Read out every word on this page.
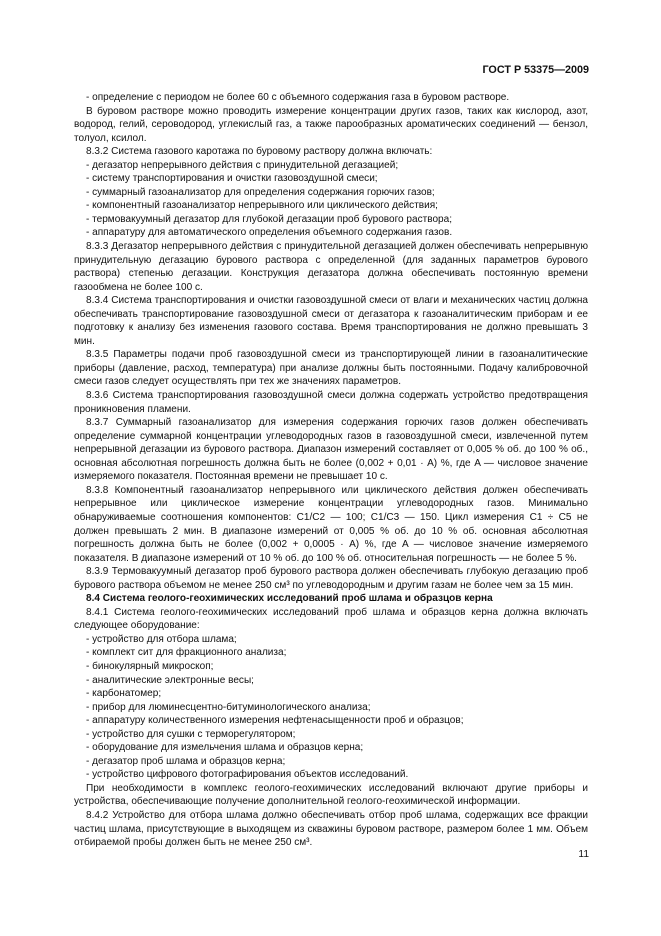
ГОСТ Р 53375—2009
- определение с периодом не более 60 с объемного содержания газа в буровом растворе.

В буровом растворе можно проводить измерение концентрации других газов, таких как кислород, азот, водород, гелий, сероводород, углекислый газ, а также парообразных ароматических соединений — бензол, толуол, ксилол.

8.3.2 Система газового каротажа по буровому раствору должна включать:

- дегазатор непрерывного действия с принудительной дегазацией;
- систему транспортирования и очистки газовоздушной смеси;
- суммарный газоанализатор для определения содержания горючих газов;
- компонентный газоанализатор непрерывного или циклического действия;
- термовакуумный дегазатор для глубокой дегазации проб бурового раствора;
- аппаратуру для автоматического определения объемного содержания газов.

8.3.3 Дегазатор непрерывного действия с принудительной дегазацией должен обеспечивать непрерывную принудительную дегазацию бурового раствора с определенной (для заданных параметров бурового раствора) степенью дегазации. Конструкция дегазатора должна обеспечивать постоянную времени газообмена не более 100 с.

8.3.4 Система транспортирования и очистки газовоздушной смеси от влаги и механических частиц должна обеспечивать транспортирование газовоздушной смеси от дегазатора к газоаналитическим приборам и ее подготовку к анализу без изменения газового состава. Время транспортирования не должно превышать 3 мин.

8.3.5 Параметры подачи проб газовоздушной смеси из транспортирующей линии в газоаналитические приборы (давление, расход, температура) при анализе должны быть постоянными. Подачу калибровочной смеси газов следует осуществлять при тех же значениях параметров.

8.3.6 Система транспортирования газовоздушной смеси должна содержать устройство предотвращения проникновения пламени.

8.3.7 Суммарный газоанализатор для измерения содержания горючих газов должен обеспечивать определение суммарной концентрации углеводородных газов в газовоздушной смеси, извлеченной путем непрерывной дегазации из бурового раствора. Диапазон измерений составляет от 0,005 % об. до 100 % об., основная абсолютная погрешность должна быть не более (0,002 + 0,01 · A) %, где A — числовое значение измеряемого показателя. Постоянная времени не превышает 10 с.

8.3.8 Компонентный газоанализатор непрерывного или циклического действия должен обеспечивать непрерывное или циклическое измерение концентрации углеводородных газов. Минимально обнаруживаемые соотношения компонентов: C1/C2 — 100; C1/C3 — 150. Цикл измерения C1 ÷ C5 не должен превышать 2 мин. В диапазоне измерений от 0,005 % об. до 10 % об. основная абсолютная погрешность должна быть не более (0,002 + 0,0005 · A) %, где A — числовое значение измеряемого показателя. В диапазоне измерений от 10 % об. до 100 % об. относительная погрешность — не более 5 %.

8.3.9 Термовакуумный дегазатор проб бурового раствора должен обеспечивать глубокую дегазацию проб бурового раствора объемом не менее 250 см³ по углеводородным и другим газам не более чем за 15 мин.

8.4 Система геолого-геохимических исследований проб шлама и образцов керна

8.4.1 Система геолого-геохимических исследований проб шлама и образцов керна должна включать следующее оборудование:

- устройство для отбора шлама;
- комплект сит для фракционного анализа;
- бинокулярный микроскоп;
- аналитические электронные весы;
- карбонатомер;
- прибор для люминесцентно-битуминологического анализа;
- аппаратуру количественного измерения нефтенасыщенности проб и образцов;
- устройство для сушки с терморегулятором;
- оборудование для измельчения шлама и образцов керна;
- дегазатор проб шлама и образцов керна;
- устройство цифрового фотографирования объектов исследований.

При необходимости в комплекс геолого-геохимических исследований включают другие приборы и устройства, обеспечивающие получение дополнительной геолого-геохимической информации.

8.4.2 Устройство для отбора шлама должно обеспечивать отбор проб шлама, содержащих все фракции частиц шлама, присутствующие в выходящем из скважины буровом растворе, размером более 1 мм. Объем отбираемой пробы должен быть не менее 250 см³.

11
